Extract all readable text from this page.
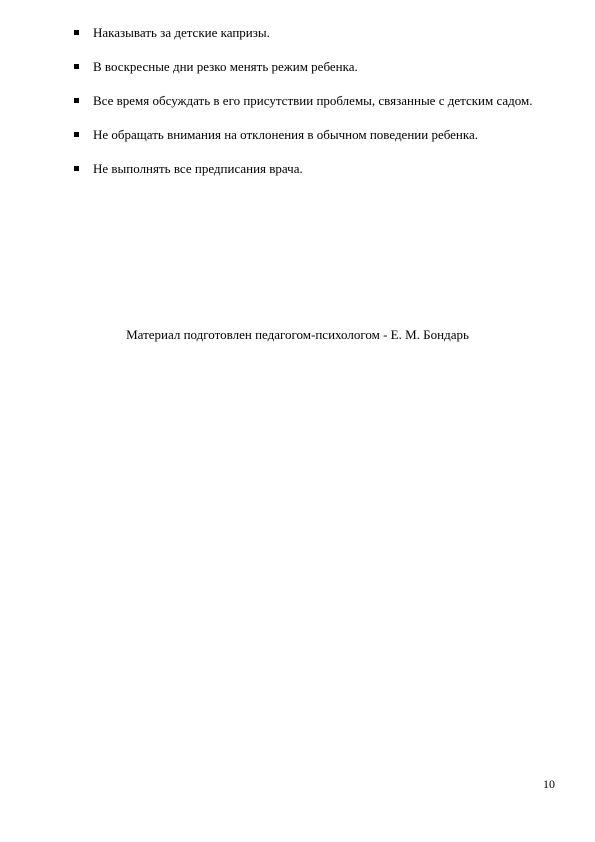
Наказывать за детские капризы.
В воскресные дни резко менять режим ребенка.
Все время обсуждать в его присутствии проблемы, связанные с детским садом.
Не обращать внимания на отклонения в обычном поведении ребенка.
Не выполнять все предписания врача.
Материал подготовлен педагогом-психологом - Е. М. Бондарь
10
